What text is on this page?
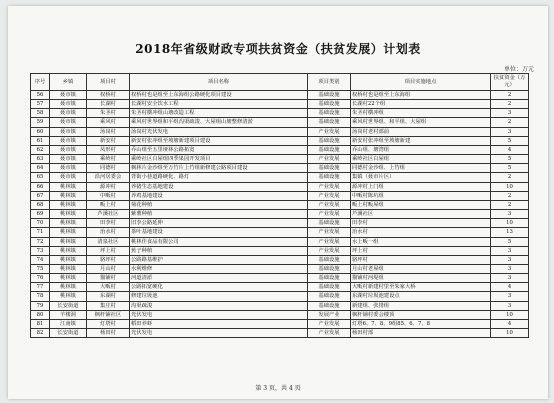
2018年省级财政专项扶贫资金（扶贫发展）计划表
单位：万元
序号	乡镇	项目村	项目名称	项目类别	项目实施地点	扶贫资金（万元）
56	聂市镇	权桥村	权桥村也是组至上东海组公路硬化项目建设	基础设施	权桥村也是组至上东海组	2
57	聂市镇	长湖村	长湖村安全饮水工程	基础设施	长湖村22个组	2
58	聂市镇	朱圣村	朱圣村横冲组山塘改造工程	基础设施	朱圣村横冲组	3
59	聂市镇	乘风村	乘风村世界组和平组沟渠疏浚、大屋组山塘整修清淤	基础设施	乘风村世界组、和平组、大屋组	2
60	聂市镇	汤岗村	汤岗村光伏发电	产业发展	汤岗村老村部前	3
61	聂市镇	新安村	新安村张冲组至坡塘新建项目建设	基础设施	新安村张冲组至坡塘新建	5
62	聂市镇	凤形村	乔山组至五里垭林公路拓宽	基础设施	乔山组、塘湾组	4
63	聂市镇	乘岭村	乘岭社区白屋组四季果园开发项目	产业发展	乘岭社区白屋组	5
64	聂市镇	同德村	枫林片金沙组至万竹片上竹组新修建公路项目建设	基础设施	同德村金沙组、上竹组	5
65	聂市镇	沿河居委会	背街小巷道路硬化、路灯	基础设施	集镇（聂市片区）	2
66	桃林镇	源冲村	养猪生态基地建设	产业发展	源冲村上门组	10
67	桃林镇	中畈村	养鸡基地建设	产业发展	中畈村陈坑组	2
68	桃林镇	畈上村	菊花种植	产业发展	畈上村畈屋组	2
69	桃林镇	芦溪社区	紫薯种植	产业发展	芦溪社区	3
70	桃林镇	田李村	旧李公路延伸	基础设施	田李村	10
71	桃林镇	治水村	茶叶基地建设	产业发展	治水村	13
72	桃林镇	清泉社区	桃林佳食品有限公司	产业发展	水上畈一组	5
73	桃林镇	坪上村	蕉子种植	产业发展	坪上村	3
74	桃林镇	骆坪村	公路路基维护	基础设施	骆坪村	3
75	桃林镇	月山村	水利维修	基础设施	月山村老屋组	3
76	桃林镇	猫铺村	河道清淤	基础设施	猫铺村河堤组	3
77	桃林镇	大畈村	公路拓宽硬化	基础设施	大畈村新建村里至朱家大桥	4
78	桃林镇	东湖村	修建垃圾池	基础设施	东湖村垃圾池建设点	3
79	长安街道	集庄村	沟渠疏浚	基础设施	新建组、张排组	3
80	羊楼洞	枫杆铺社区	光伏发电	发展产业	枫杆铺村委会楼顶	10
81	江南镇	灯塔村	稻田养虾	产业发展	灯塔6、7、8、9组85、6、7、8	4
82	长安街道	杨田村	光伏发电	产业发展	杨田村部	10
第 3 页，共 4 页
